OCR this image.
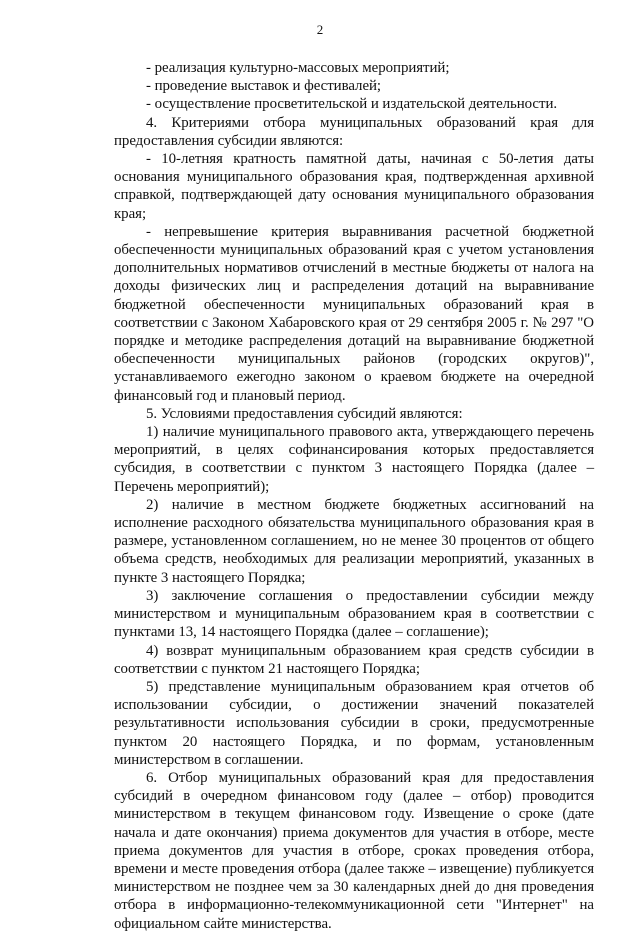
2

- реализация культурно-массовых мероприятий;

- проведение выставок и фестивалей;

- осуществление просветительской и издательской деятельности.

4. Критериями отбора муниципальных образований края для предоставления субсидии являются:

- 10-летняя кратность памятной даты, начиная с 50-летия даты основания муниципального образования края, подтвержденная архивной справкой, подтверждающей дату основания муниципального образования края;

- непревышение критерия выравнивания расчетной бюджетной обеспеченности муниципальных образований края с учетом установления дополнительных нормативов отчислений в местные бюджеты от налога на доходы физических лиц и распределения дотаций на выравнивание бюджетной обеспеченности муниципальных образований края в соответствии с Законом Хабаровского края от 29 сентября 2005 г. № 297 "О порядке и методике распределения дотаций на выравнивание бюджетной обеспеченности муниципальных районов (городских округов)", устанавливаемого ежегодно законом о краевом бюджете на очередной финансовый год и плановый период.

5. Условиями предоставления субсидий являются:

1) наличие муниципального правового акта, утверждающего перечень мероприятий, в целях софинансирования которых предоставляется субсидия, в соответствии с пунктом 3 настоящего Порядка (далее – Перечень мероприятий);

2) наличие в местном бюджете бюджетных ассигнований на исполнение расходного обязательства муниципального образования края в размере, установленном соглашением, но не менее 30 процентов от общего объема средств, необходимых для реализации мероприятий, указанных в пункте 3 настоящего Порядка;

3) заключение соглашения о предоставлении субсидии между министерством и муниципальным образованием края в соответствии с пунктами 13, 14 настоящего Порядка (далее – соглашение);

4) возврат муниципальным образованием края средств субсидии в соответствии с пунктом 21 настоящего Порядка;

5) представление муниципальным образованием края отчетов об использовании субсидии, о достижении значений показателей результативности использования субсидии в сроки, предусмотренные пунктом 20 настоящего Порядка, и по формам, установленным министерством в соглашении.

6. Отбор муниципальных образований края для предоставления субсидий в очередном финансовом году (далее – отбор) проводится министерством в текущем финансовом году. Извещение о сроке (дате начала и дате окончания) приема документов для участия в отборе, месте приема документов для участия в отборе, сроках проведения отбора, времени и месте проведения отбора (далее также – извещение) публикуется министерством не позднее чем за 30 календарных дней до дня проведения отбора в информационно-телекоммуникационной сети "Интернет" на официальном сайте министерства.
